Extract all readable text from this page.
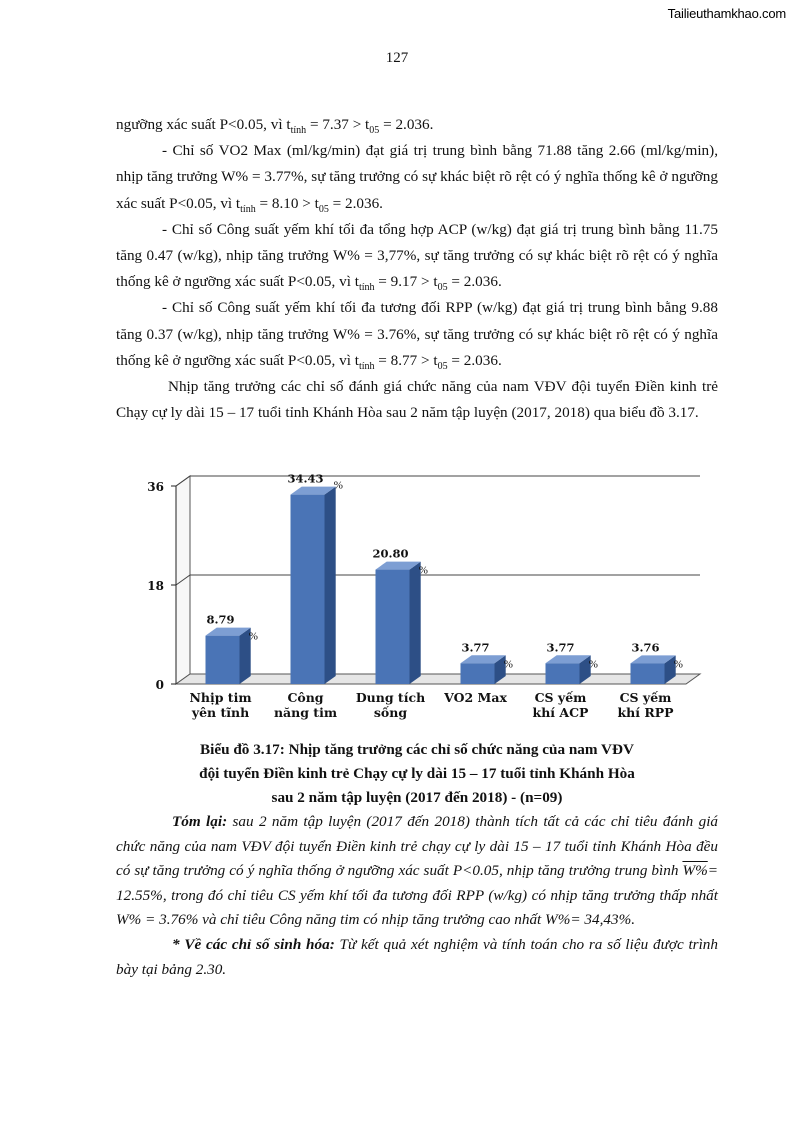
Tailieuthamkhao.com
127

ngưỡng xác suất P<0.05, vì $t_{tính} = 7.37 > t_{05} = 2.036$.

- Chỉ số VO2 Max (ml/kg/min) đạt giá trị trung bình bằng 71.88 tăng 2.66 (ml/kg/min), nhịp tăng trưởng W% = 3.77%, sự tăng trưởng có sự khác biệt rõ rệt có ý nghĩa thống kê ở ngưỡng xác suất P<0.05, vì $t_{tính} = 8.10 > t_{05} = 2.036$.

- Chỉ số Công suất yếm khí tối đa tổng hợp ACP (w/kg) đạt giá trị trung bình bằng 11.75 tăng 0.47 (w/kg), nhịp tăng trưởng W% = 3,77%, sự tăng trưởng có sự khác biệt rõ rệt có ý nghĩa thống kê ở ngưỡng xác suất P<0.05, vì $t_{tính} = 9.17 > t_{05} = 2.036$.

- Chỉ số Công suất yếm khí tối đa tương đối RPP (w/kg) đạt giá trị trung bình bằng 9.88 tăng 0.37 (w/kg), nhịp tăng trưởng W% = 3.76%, sự tăng trưởng có sự khác biệt rõ rệt có ý nghĩa thống kê ở ngưỡng xác suất P<0.05, vì $t_{tính} = 8.77 > t_{05} = 2.036$.

Nhịp tăng trưởng các chỉ số đánh giá chức năng của nam VĐV đội tuyển Điền kinh trẻ Chạy cự ly dài 15 – 17 tuổi tỉnh Khánh Hòa sau 2 năm tập luyện (2017, 2018) qua biểu đồ 3.17.

0
18
36
8.79
%
Nhịp tim
yên tĩnh
34.43 %
Công
năng tim
20.80
%
Dung tích
sống
3.77
%
VO2 Max
3.77
%
CS yếm
khí ACP
3.76
%
CS yếm
khí RPP
Biểu đồ 3.17: Nhịp tăng trưởng các chỉ số chức năng của nam VĐV
đội tuyển Điền kinh trẻ Chạy cự ly dài 15 – 17 tuổi tỉnh Khánh Hòa
sau 2 năm tập luyện (2017 đến 2018) - (n=09)

Tóm lại: sau 2 năm tập luyện (2017 đến 2018) thành tích tất cả các chỉ tiêu đánh giá chức năng của nam VĐV đội tuyển Điền kinh trẻ chạy cự ly dài 15 – 17 tuổi tỉnh Khánh Hòa đều có sự tăng trưởng có ý nghĩa thống ở ngưỡng xác suất P<0.05, nhịp tăng trưởng trung bình W%= 12.55%, trong đó chỉ tiêu CS yếm khí tối đa tương đối RPP (w/kg) có nhịp tăng trưởng thấp nhất W% = 3.76% và chỉ tiêu Công năng tim có nhịp tăng trưởng cao nhất W%= 34,43%.

* Về các chỉ số sinh hóa: Từ kết quả xét nghiệm và tính toán cho ra số liệu được trình bày tại bảng 2.30.
